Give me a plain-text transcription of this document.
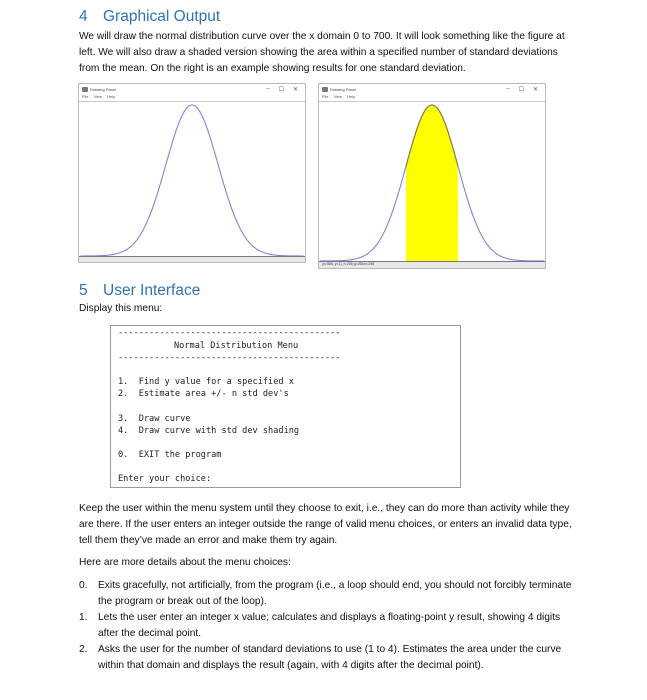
4 Graphical Output
We will draw the normal distribution curve over the x domain 0 to 700. It will look something like the figure at left. We will also draw a shaded version showing the area within a specified number of standard deviations from the mean. On the right is an example showing results for one standard deviation.
Drawing Panel	– ☐ ✕
File View Help
Drawing Panel	– ☐ ✕
File View Help
(x=586, y=1), r=255 g=255 b=255
5 User Interface
Display this menu:
-------------------------------------------
Normal Distribution Menu
-------------------------------------------
1.  Find y value for a specified x
2.  Estimate area +/- n std dev's
3.  Draw curve
4.  Draw curve with std dev shading
0.  EXIT the program
Enter your choice:
Keep the user within the menu system until they choose to exit, i.e., they can do more than activity while they are there. If the user enters an integer outside the range of valid menu choices, or enters an invalid data type, tell them they’ve made an error and make them try again.
Here are more details about the menu choices:
0. Exits gracefully, not artificially, from the program (i.e., a loop should end, you should not forcibly terminate the program or break out of the loop).
1. Lets the user enter an integer x value; calculates and displays a floating-point y result, showing 4 digits after the decimal point.
2. Asks the user for the number of standard deviations to use (1 to 4). Estimates the area under the curve within that domain and displays the result (again, with 4 digits after the decimal point).
